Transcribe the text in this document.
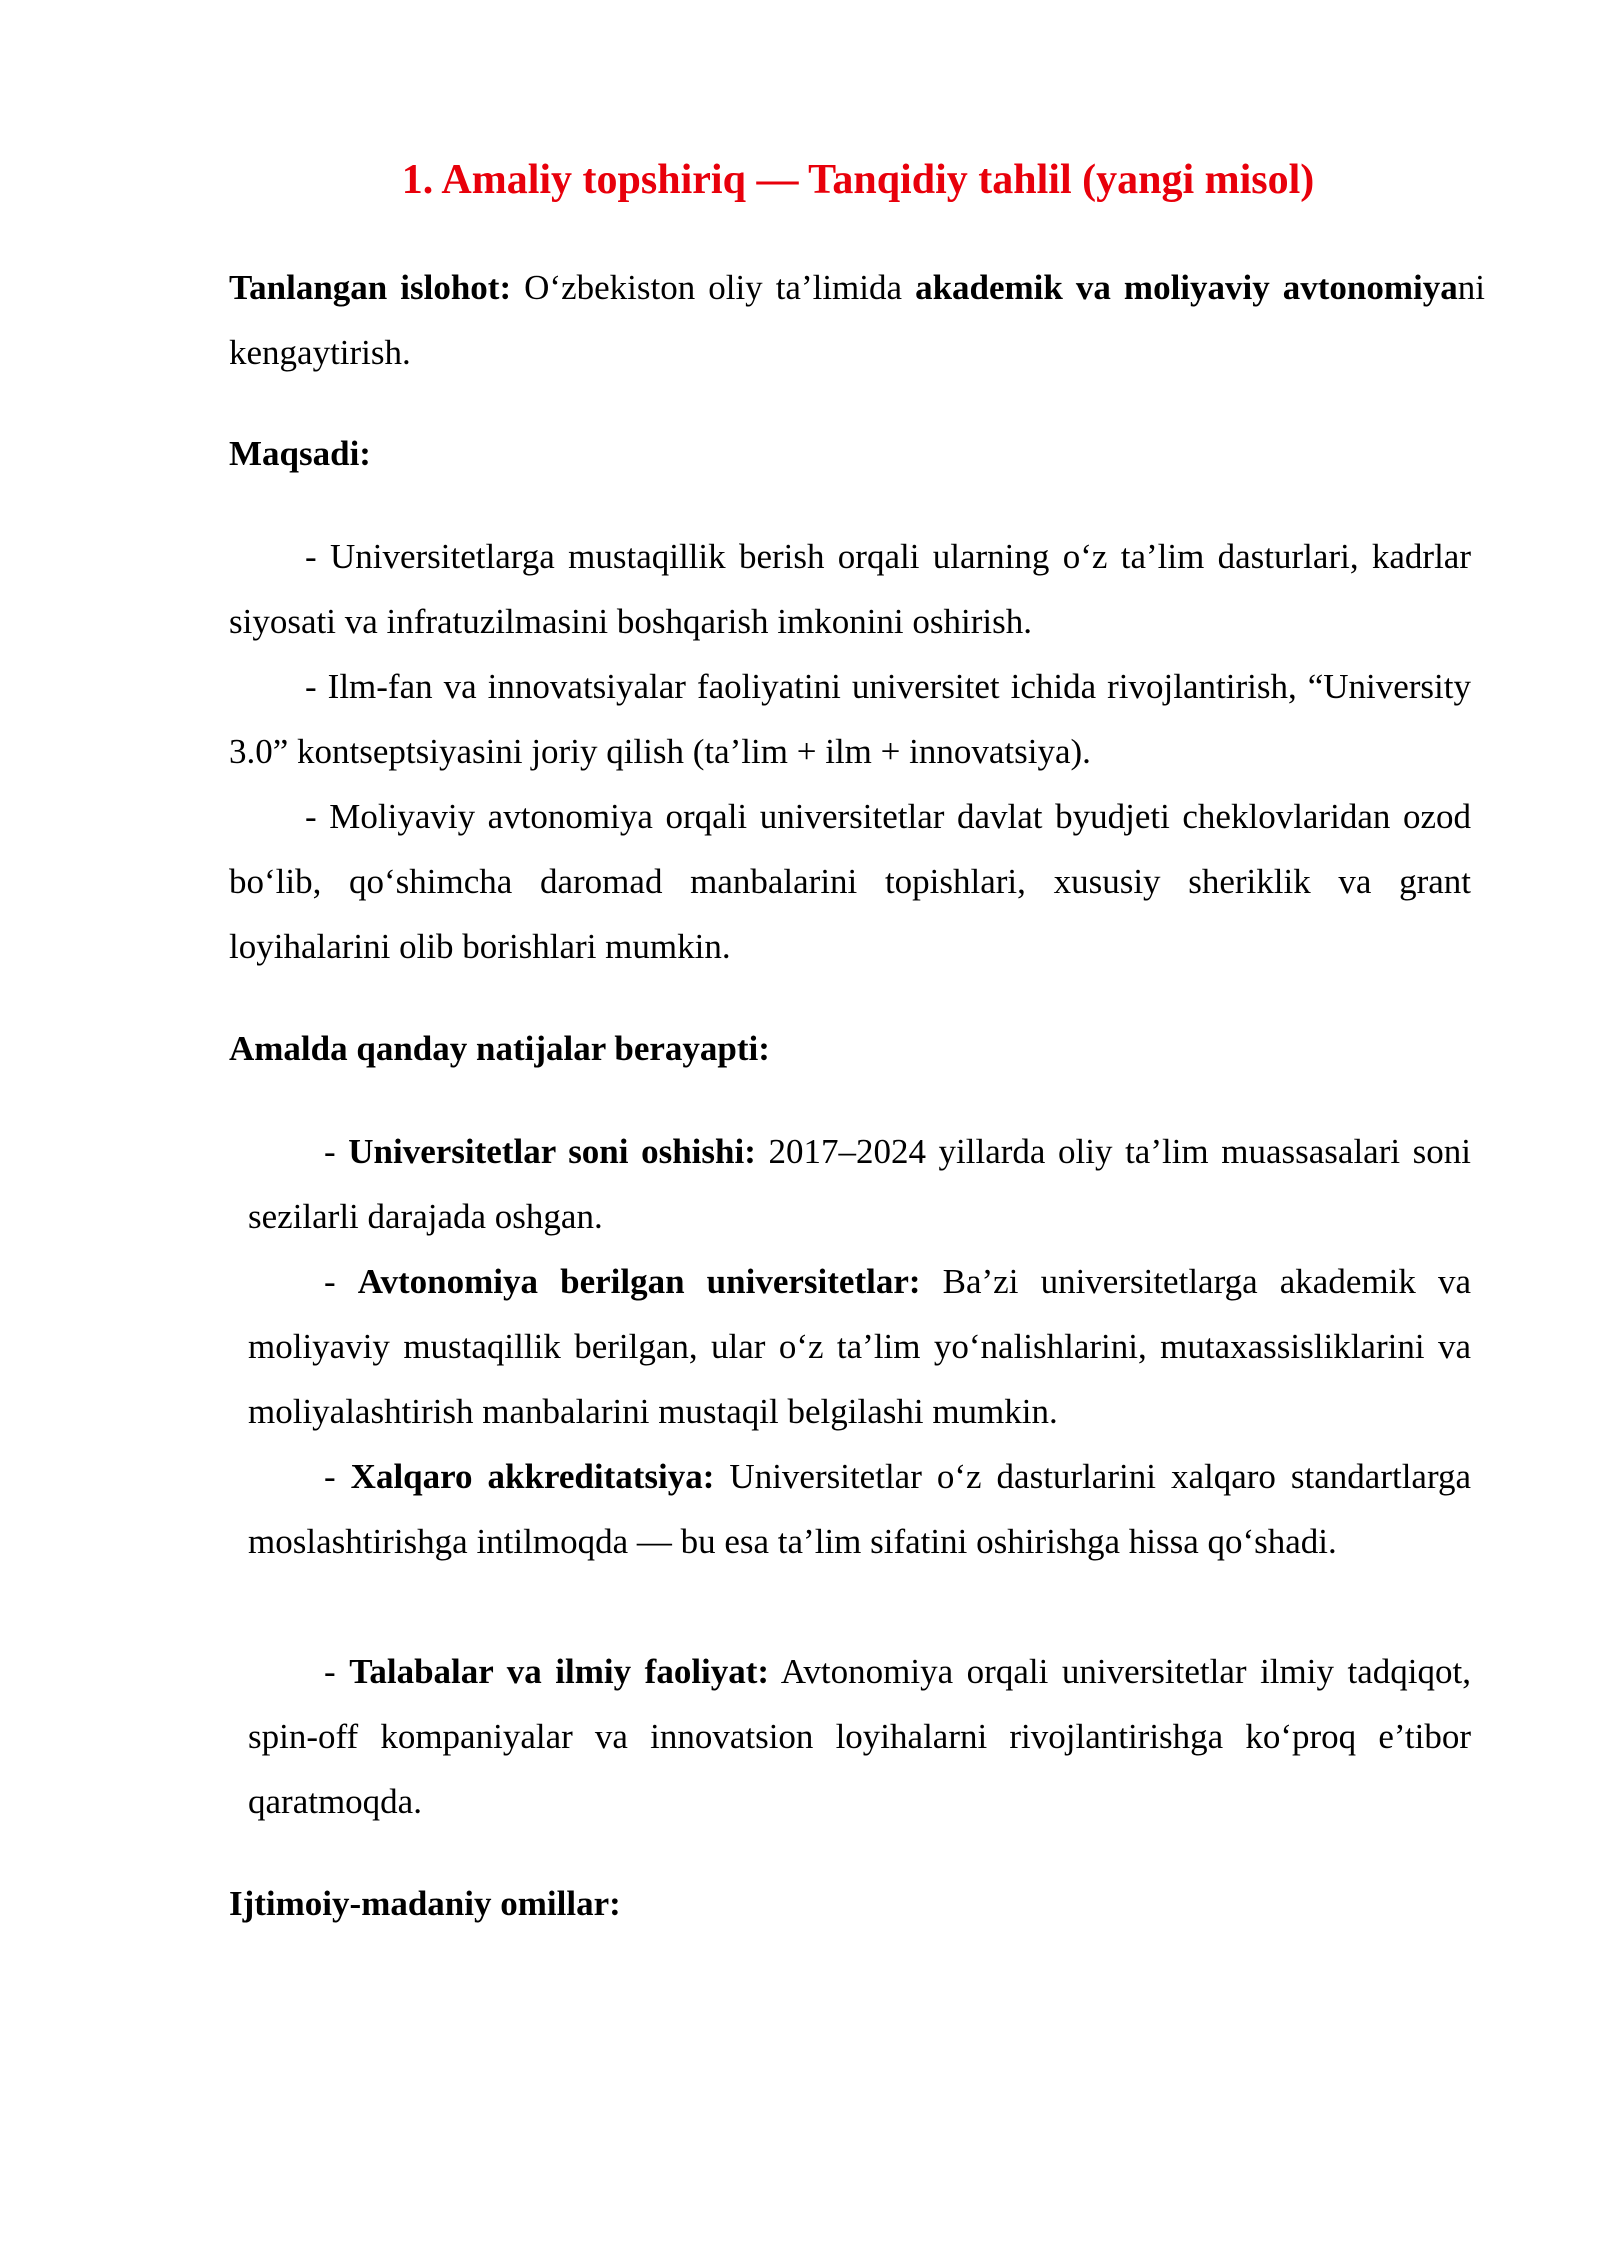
1. Amaliy topshiriq — Tanqidiy tahlil (yangi misol)
Tanlangan islohot: O‘zbekiston oliy ta’limida akademik va moliyaviy avtonomiyani kengaytirish.
Maqsadi:
- Universitetlarga mustaqillik berish orqali ularning o‘z ta’lim dasturlari, kadrlar siyosati va infratuzilmasini boshqarish imkonini oshirish.
- Ilm-fan va innovatsiyalar faoliyatini universitet ichida rivojlantirish, “University 3.0” kontseptsiyasini joriy qilish (ta’lim + ilm + innovatsiya).
- Moliyaviy avtonomiya orqali universitetlar davlat byudjeti cheklovlaridan ozod bo‘lib, qo‘shimcha daromad manbalarini topishlari, xususiy sheriklik va grant loyihalarini olib borishlari mumkin.
Amalda qanday natijalar berayapti:
- Universitetlar soni oshishi: 2017–2024 yillarda oliy ta’lim muassasalari soni sezilarli darajada oshgan.
- Avtonomiya berilgan universitetlar: Ba’zi universitetlarga akademik va moliyaviy mustaqillik berilgan, ular o‘z ta’lim yo‘nalishlarini, mutaxassisliklarini va moliyalashtirish manbalarini mustaqil belgilashi mumkin.
- Xalqaro akkreditatsiya: Universitetlar o‘z dasturlarini xalqaro standartlarga moslashtirishga intilmoqda — bu esa ta’lim sifatini oshirishga hissa qo‘shadi.
- Talabalar va ilmiy faoliyat: Avtonomiya orqali universitetlar ilmiy tadqiqot, spin-off kompaniyalar va innovatsion loyihalarni rivojlantirishga ko‘proq e’tibor qaratmoqda.
Ijtimoiy-madaniy omillar:
